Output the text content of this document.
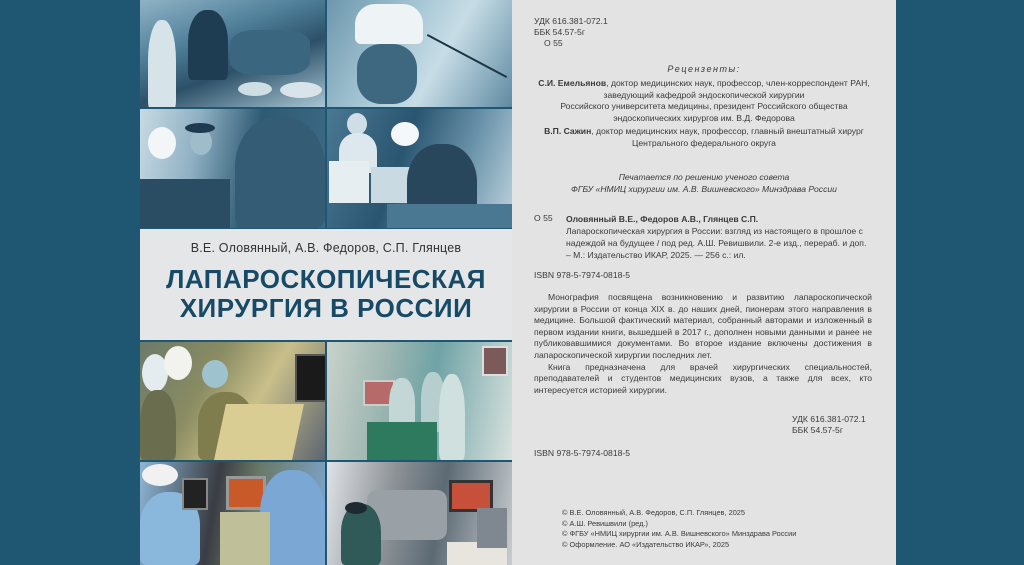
В.Е. Оловянный, А.В. Федоров, С.П. Глянцев
ЛАПАРОСКОПИЧЕСКАЯ
ХИРУРГИЯ В РОССИИ
УДК 616.381-072.1
ББК 54.57-5г
О 55
Рецензенты:
С.И. Емельянов, доктор медицинских наук, профессор, член-корреспондент РАН,
заведующий кафедрой эндоскопической хирургии
Российского университета медицины, президент Российского общества
эндоскопических хирургов им. В.Д. Федорова
В.П. Сажин, доктор медицинских наук, профессор, главный внештатный хирург
Центрального федерального округа
Печатается по решению ученого совета
ФГБУ «НМИЦ хирургии им. А.В. Вишневского» Минздрава России
О 55 Оловянный В.Е., Федоров А.В., Глянцев С.П.
Лапароскопическая хирургия в России: взгляд из настоящего в прошлое с
надеждой на будущее / под ред. А.Ш. Ревишвили. 2-е изд., перераб. и доп.
– М.: Издательство ИКАР, 2025. — 256 с.: ил.
ISBN 978-5-7974-0818-5

Монография посвящена возникновению и развитию лапароскопической хирургии в России от конца XIX в. до наших дней, пионерам этого направления в медицине. Большой фактический материал, собранный авторами и изложенный в первом издании книги, вышедшей в 2017 г., дополнен новыми данными и ранее не публиковавшимися документами. Во второе издание включены достижения в лапароскопической хирургии последних лет.

Книга предназначена для врачей хирургических специальностей, преподавателей и студентов медицинских вузов, а также для всех, кто интересуется историей хирургии.

УДК 616.381-072.1
ББК 54.57-5г
ISBN 978-5-7974-0818-5
© В.Е. Оловянный, А.В. Федоров, С.П. Глянцев, 2025
© А.Ш. Ревишвили (ред.)
© ФГБУ «НМИЦ хирургии им. А.В. Вишневского» Минздрава России
© Оформление. АО «Издательство ИКАР», 2025
